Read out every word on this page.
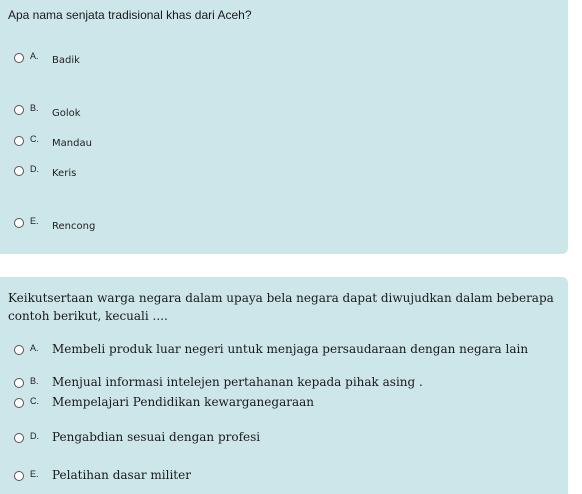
Apa nama senjata tradisional khas dari Aceh?
A. Badik
B. Golok
C. Mandau
D. Keris
E. Rencong
Keikutsertaan warga negara dalam upaya bela negara dapat diwujudkan dalam beberapa contoh berikut, kecuali ....
A. Membeli produk luar negeri untuk menjaga persaudaraan dengan negara lain
B. Menjual informasi intelejen pertahanan kepada pihak asing .
C. Mempelajari Pendidikan kewarganegaraan
D. Pengabdian sesuai dengan profesi
E. Pelatihan dasar militer
